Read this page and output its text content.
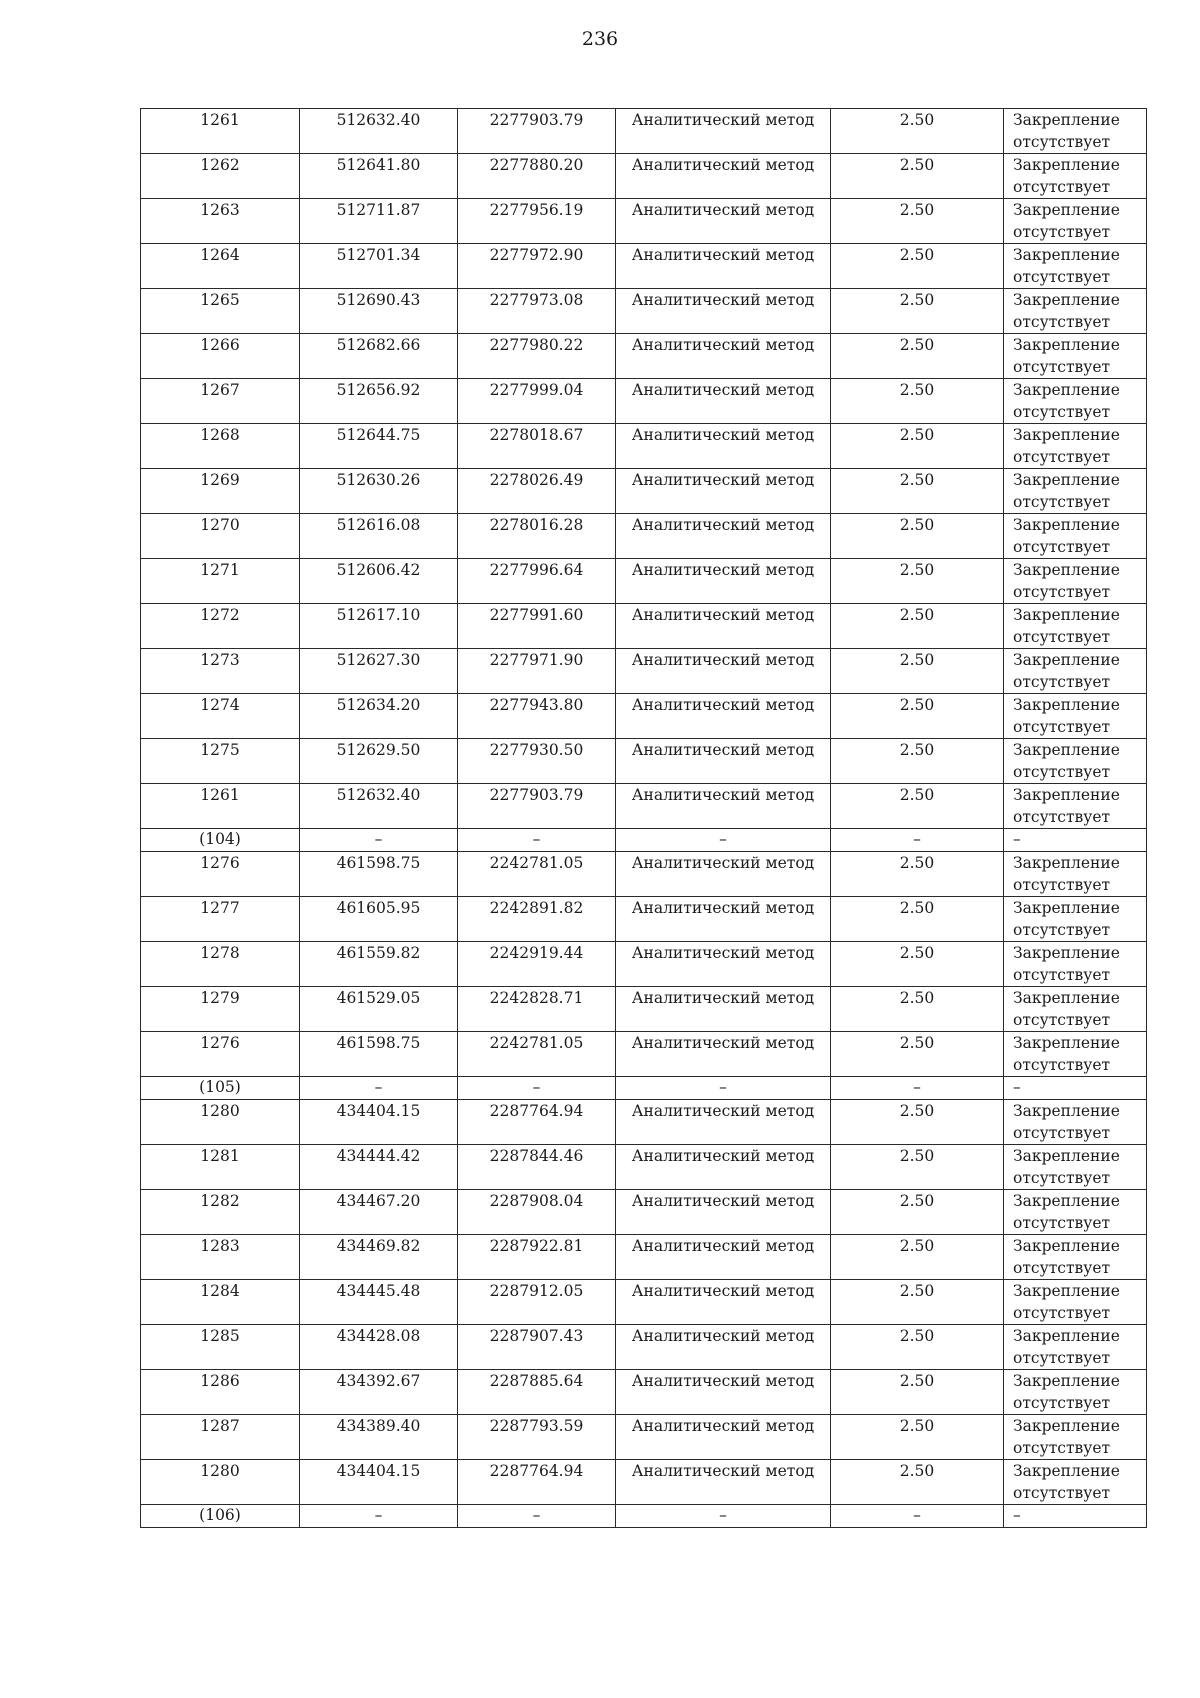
236
1261	512632.40	2277903.79	Аналитический метод	2.50	Закрепление отсутствует
1262	512641.80	2277880.20	Аналитический метод	2.50	Закрепление отсутствует
1263	512711.87	2277956.19	Аналитический метод	2.50	Закрепление отсутствует
1264	512701.34	2277972.90	Аналитический метод	2.50	Закрепление отсутствует
1265	512690.43	2277973.08	Аналитический метод	2.50	Закрепление отсутствует
1266	512682.66	2277980.22	Аналитический метод	2.50	Закрепление отсутствует
1267	512656.92	2277999.04	Аналитический метод	2.50	Закрепление отсутствует
1268	512644.75	2278018.67	Аналитический метод	2.50	Закрепление отсутствует
1269	512630.26	2278026.49	Аналитический метод	2.50	Закрепление отсутствует
1270	512616.08	2278016.28	Аналитический метод	2.50	Закрепление отсутствует
1271	512606.42	2277996.64	Аналитический метод	2.50	Закрепление отсутствует
1272	512617.10	2277991.60	Аналитический метод	2.50	Закрепление отсутствует
1273	512627.30	2277971.90	Аналитический метод	2.50	Закрепление отсутствует
1274	512634.20	2277943.80	Аналитический метод	2.50	Закрепление отсутствует
1275	512629.50	2277930.50	Аналитический метод	2.50	Закрепление отсутствует
1261	512632.40	2277903.79	Аналитический метод	2.50	Закрепление отсутствует
(104)	–	–	–	–	–
1276	461598.75	2242781.05	Аналитический метод	2.50	Закрепление отсутствует
1277	461605.95	2242891.82	Аналитический метод	2.50	Закрепление отсутствует
1278	461559.82	2242919.44	Аналитический метод	2.50	Закрепление отсутствует
1279	461529.05	2242828.71	Аналитический метод	2.50	Закрепление отсутствует
1276	461598.75	2242781.05	Аналитический метод	2.50	Закрепление отсутствует
(105)	–	–	–	–	–
1280	434404.15	2287764.94	Аналитический метод	2.50	Закрепление отсутствует
1281	434444.42	2287844.46	Аналитический метод	2.50	Закрепление отсутствует
1282	434467.20	2287908.04	Аналитический метод	2.50	Закрепление отсутствует
1283	434469.82	2287922.81	Аналитический метод	2.50	Закрепление отсутствует
1284	434445.48	2287912.05	Аналитический метод	2.50	Закрепление отсутствует
1285	434428.08	2287907.43	Аналитический метод	2.50	Закрепление отсутствует
1286	434392.67	2287885.64	Аналитический метод	2.50	Закрепление отсутствует
1287	434389.40	2287793.59	Аналитический метод	2.50	Закрепление отсутствует
1280	434404.15	2287764.94	Аналитический метод	2.50	Закрепление отсутствует
(106)	–	–	–	–	–
